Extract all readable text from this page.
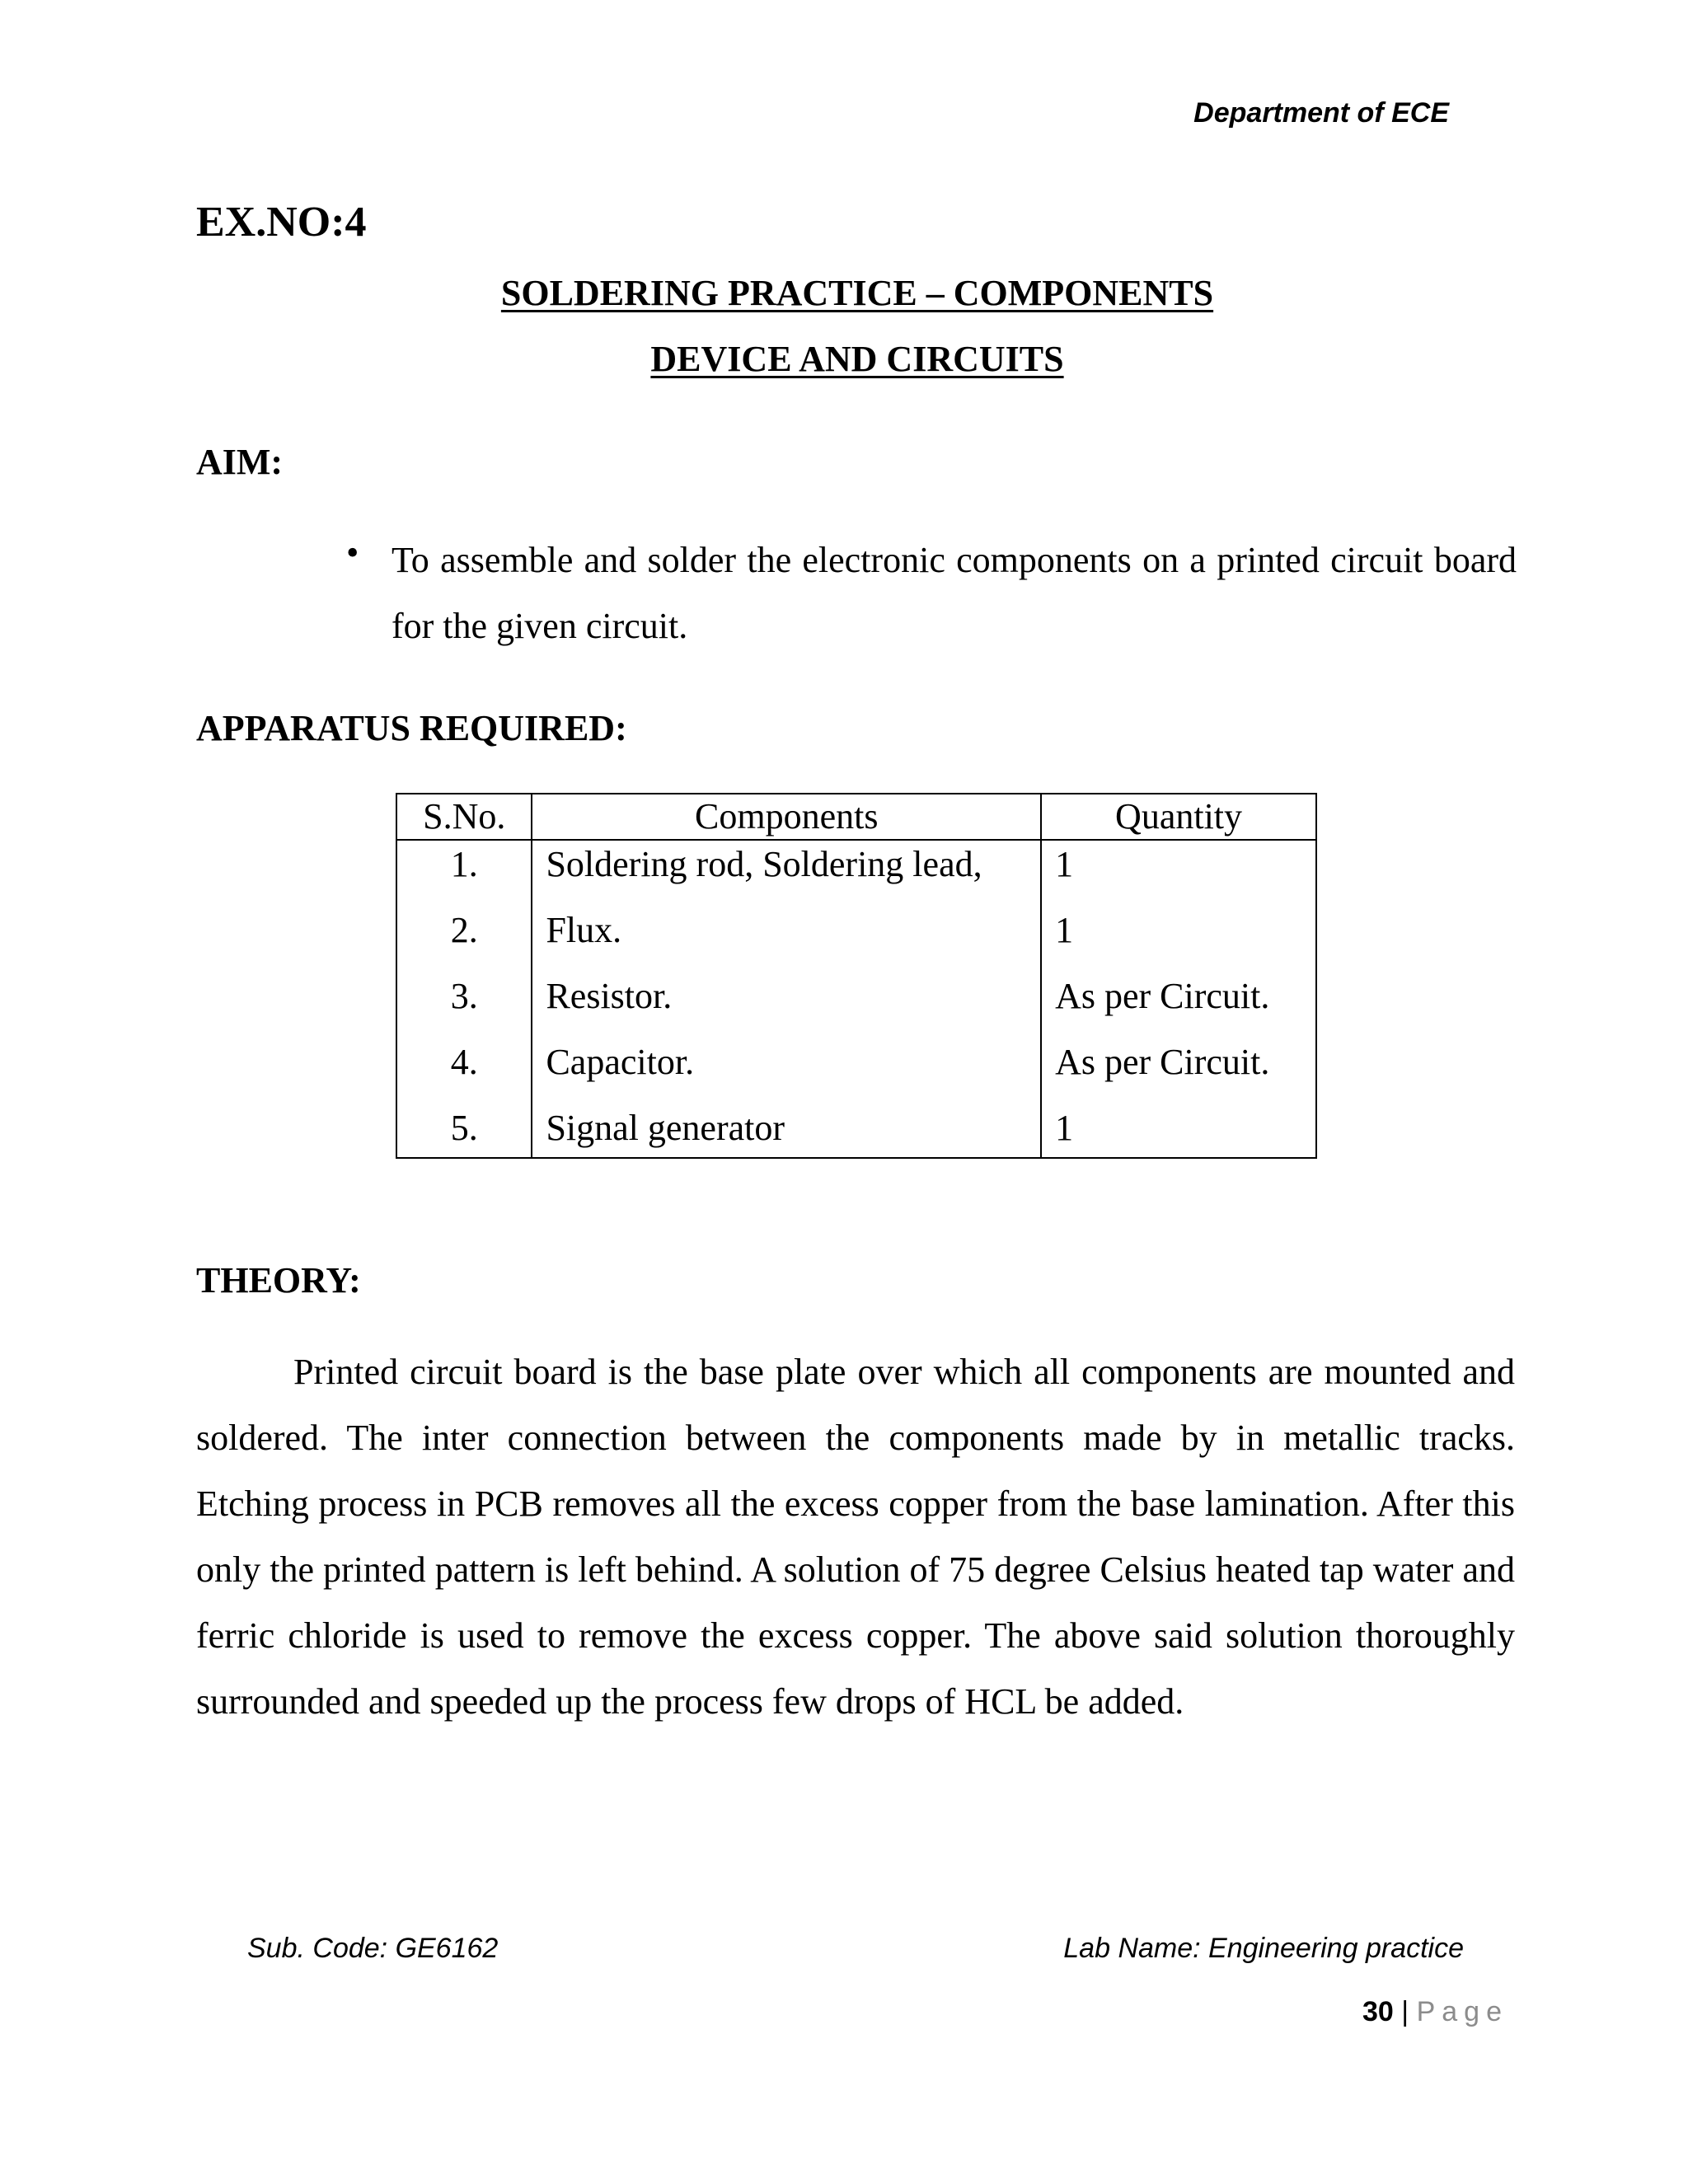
Department of ECE
EX.NO:4
SOLDERING PRACTICE – COMPONENTS
DEVICE AND CIRCUITS
AIM:
• To assemble and solder the electronic components on a printed circuit board for the given circuit.
APPARATUS REQUIRED:
S.No.	Components	Quantity
1.	Soldering rod, Soldering lead,	1
2.	Flux.	1
3.	Resistor.	As per Circuit.
4.	Capacitor.	As per Circuit.
5.	Signal generator	1
THEORY:
Printed circuit board is the base plate over which all components are mounted and soldered. The inter connection between the components made by in metallic tracks. Etching process in PCB removes all the excess copper from the base lamination. After this only the printed pattern is left behind. A solution of 75 degree Celsius heated tap water and ferric chloride is used to remove the excess copper. The above said solution thoroughly surrounded and speeded up the process few drops of HCL be added.
Sub. Code: GE6162	Lab Name: Engineering practice
30 | Page
